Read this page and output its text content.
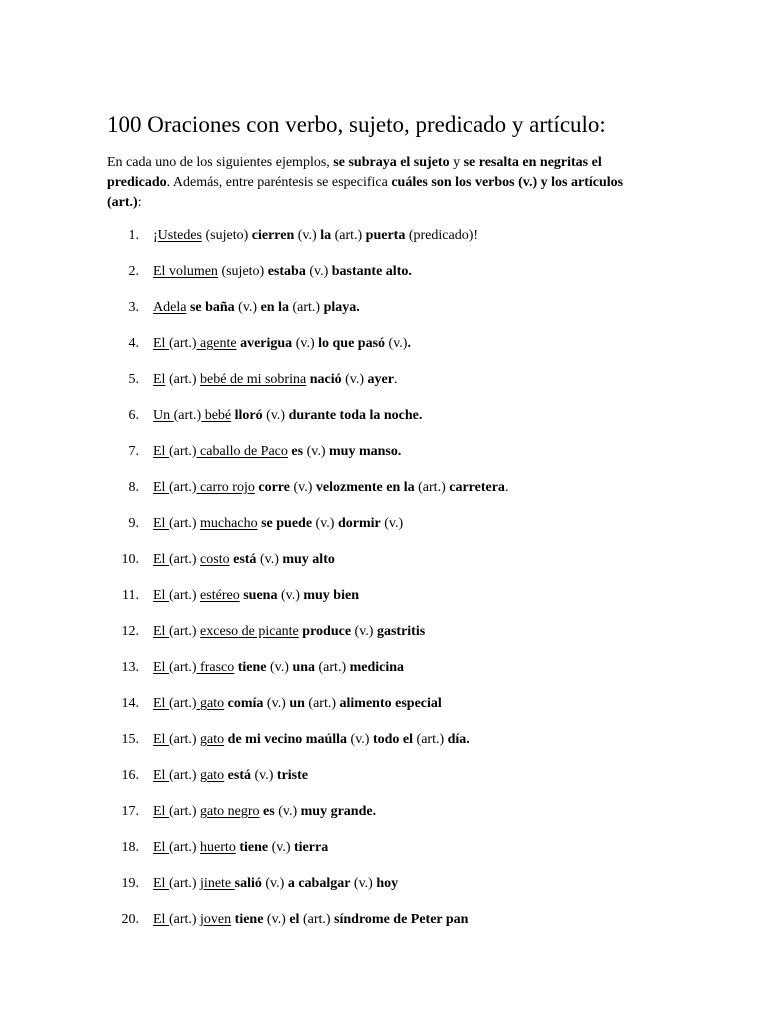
100 Oraciones con verbo, sujeto, predicado y artículo:

En cada uno de los siguientes ejemplos, se subraya el sujeto y se resalta en negritas el predicado. Además, entre paréntesis se especifica cuáles son los verbos (v.) y los artículos (art.):

1. ¡Ustedes (sujeto) cierren (v.) la (art.) puerta (predicado)!
2. El volumen (sujeto) estaba (v.) bastante alto.
3. Adela se baña (v.) en la (art.) playa.
4. El (art.) agente averigua (v.) lo que pasó (v.).
5. El (art.) bebé de mi sobrina nació (v.) ayer.
6. Un (art.) bebé lloró (v.) durante toda la noche.
7. El (art.) caballo de Paco es (v.) muy manso.
8. El (art.) carro rojo corre (v.) velozmente en la (art.) carretera.
9. El (art.) muchacho se puede (v.) dormir (v.)
10. El (art.) costo está (v.) muy alto
11. El (art.) estéreo suena (v.) muy bien
12. El (art.) exceso de picante produce (v.) gastritis
13. El (art.) frasco tiene (v.) una (art.) medicina
14. El (art.) gato comía (v.) un (art.) alimento especial
15. El (art.) gato de mi vecino maúlla (v.) todo el (art.) día.
16. El (art.) gato está (v.) triste
17. El (art.) gato negro es (v.) muy grande.
18. El (art.) huerto tiene (v.) tierra
19. El (art.) jinete salió (v.) a cabalgar (v.) hoy
20. El (art.) joven tiene (v.) el (art.) síndrome de Peter pan
